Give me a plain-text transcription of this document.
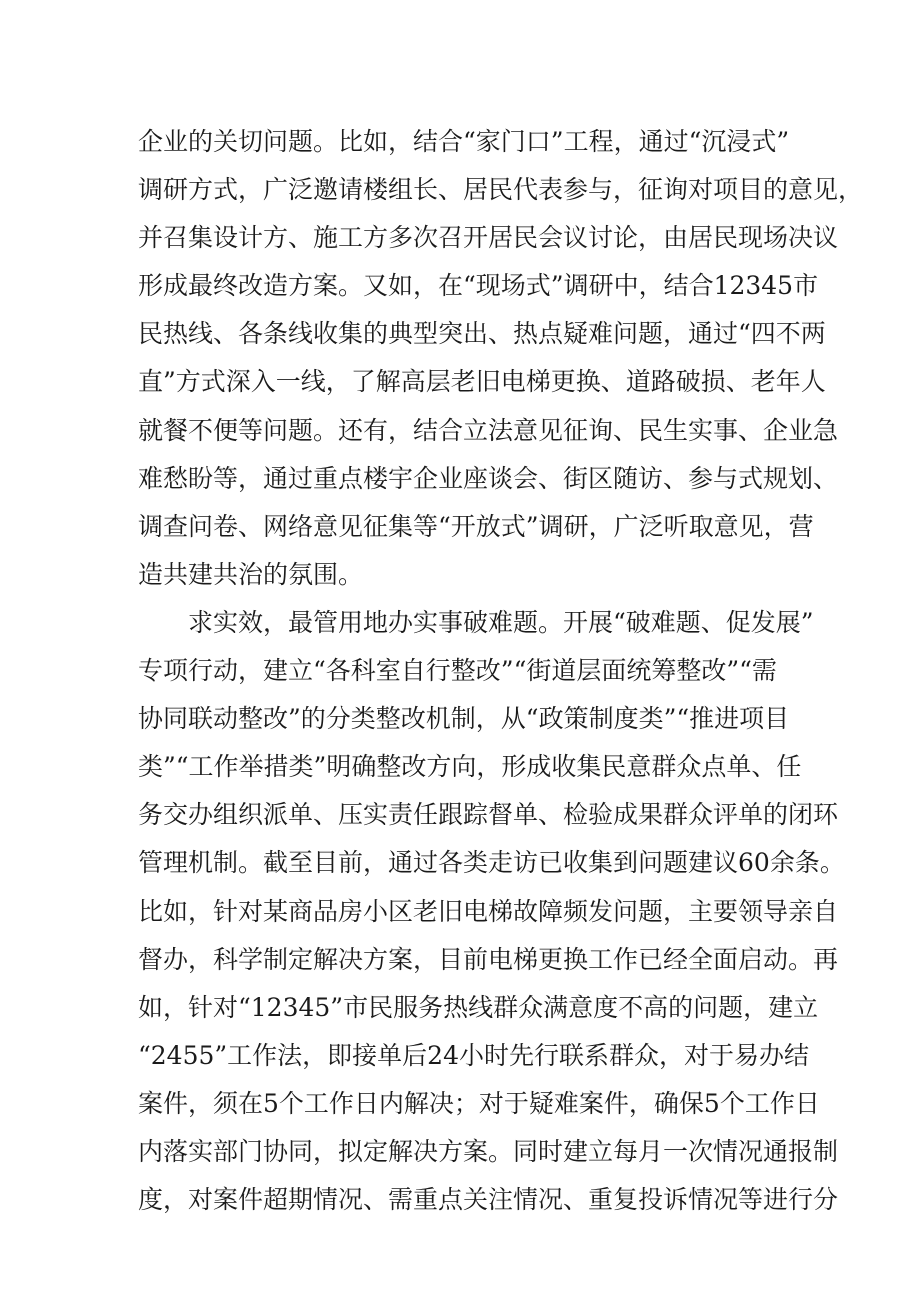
企业的关切问题。比如，结合“家门口”工程，通过“沉浸式”
调研方式，广泛邀请楼组长、居民代表参与，征询对项目的意见，
并召集设计方、施工方多次召开居民会议讨论，由居民现场决议
形成最终改造方案。又如，在“现场式”调研中，结合12345市
民热线、各条线收集的典型突出、热点疑难问题，通过“四不两
直”方式深入一线，了解高层老旧电梯更换、道路破损、老年人
就餐不便等问题。还有，结合立法意见征询、民生实事、企业急
难愁盼等，通过重点楼宇企业座谈会、街区随访、参与式规划、
调查问卷、网络意见征集等“开放式”调研，广泛听取意见，营
造共建共治的氛围。
　　求实效，最管用地办实事破难题。开展“破难题、促发展”
专项行动，建立“各科室自行整改”“街道层面统筹整改”“需
协同联动整改”的分类整改机制，从“政策制度类”“推进项目
类”“工作举措类”明确整改方向，形成收集民意群众点单、任
务交办组织派单、压实责任跟踪督单、检验成果群众评单的闭环
管理机制。截至目前，通过各类走访已收集到问题建议60余条。
比如，针对某商品房小区老旧电梯故障频发问题，主要领导亲自
督办，科学制定解决方案，目前电梯更换工作已经全面启动。再
如，针对“12345”市民服务热线群众满意度不高的问题，建立
“2455”工作法，即接单后24小时先行联系群众，对于易办结
案件，须在5个工作日内解决；对于疑难案件，确保5个工作日
内落实部门协同，拟定解决方案。同时建立每月一次情况通报制
度，对案件超期情况、需重点关注情况、重复投诉情况等进行分
